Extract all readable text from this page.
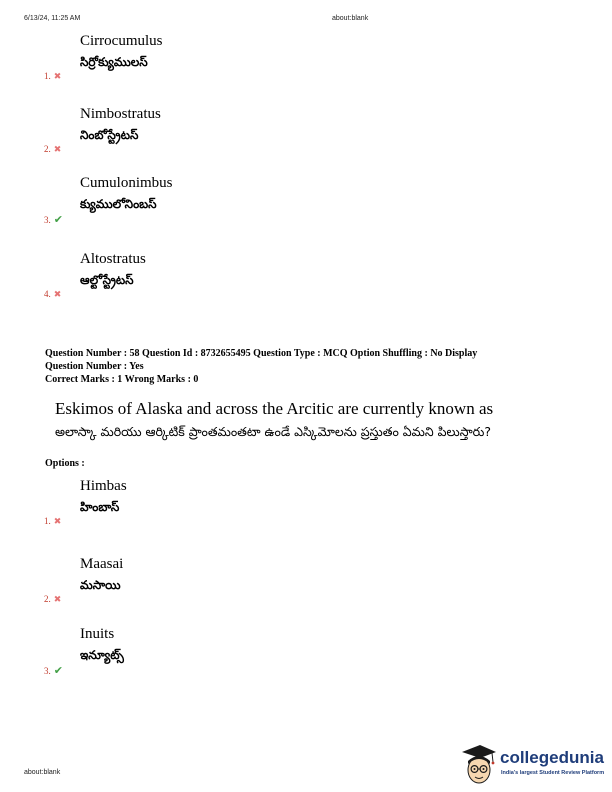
6/13/24, 11:25 AM	about:blank
Cirrocumulus
సిర్రోక్యుములస్
1. ✖
Nimbostratus
నింబోస్ట్రేటస్
2. ✖
Cumulonimbus
క్యుములోనింబస్
3. ✔
Altostratus
ఆల్టోస్ట్రేటస్
4. ✖
Question Number : 58 Question Id : 8732655495 Question Type : MCQ Option Shuffling : No Display
Question Number : Yes
Correct Marks : 1 Wrong Marks : 0
Eskimos of Alaska and across the Arcitic are currently known as
అలాస్కా మరియు ఆర్కిటిక్ ప్రాంతమంతటా ఉండే ఎస్కిమోలను ప్రస్తుతం ఏమని పిలుస్తారు?
Options :
Himbas
హింబాస్
1. ✖
Maasai
మసాయి
2. ✖
Inuits
ఇన్యూట్స్
3. ✔
about:blank
collegedunia
India's largest Student Review Platform
